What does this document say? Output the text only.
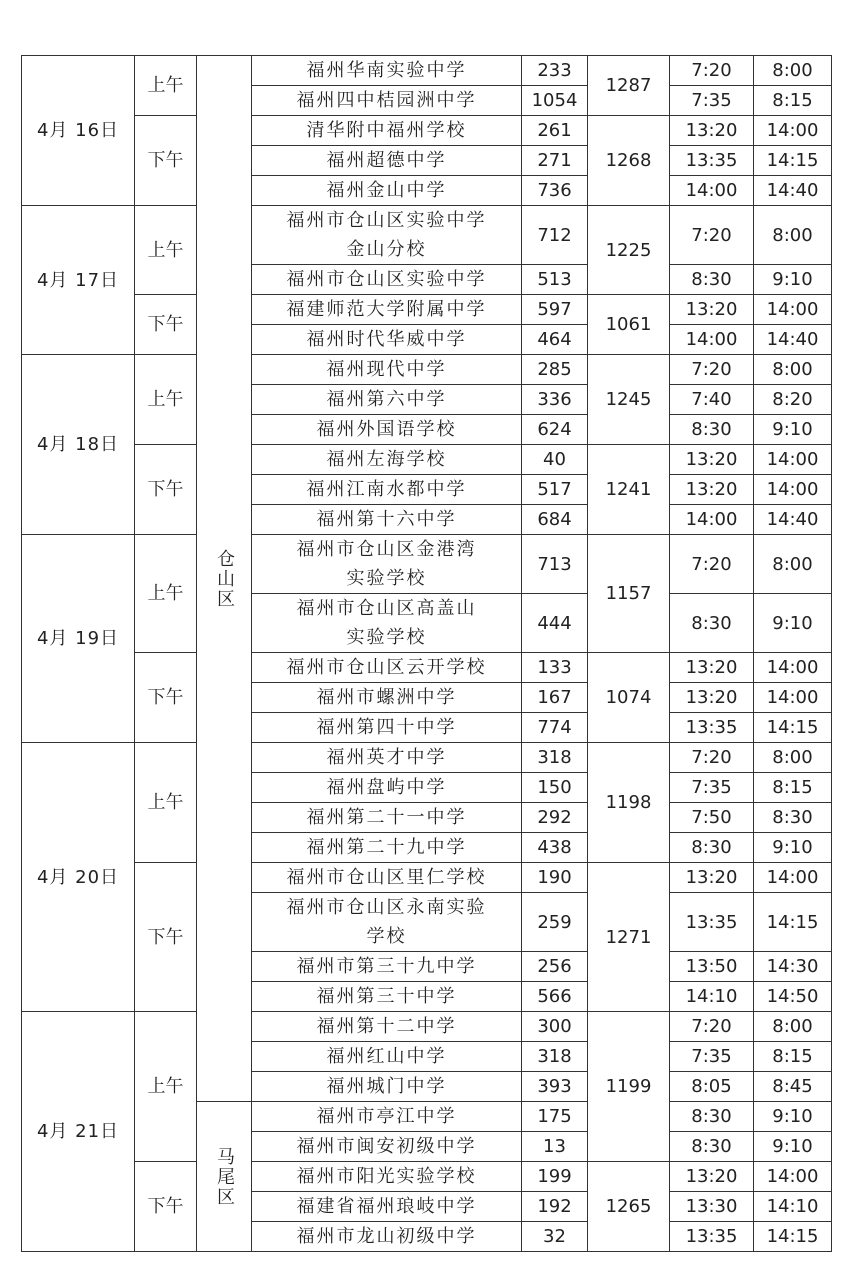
4月 16日	上午	仓山区	福州华南实验中学	233	1287	7:20	8:00
			福州四中桔园洲中学	1054		7:35	8:15
	下午		清华附中福州学校	261	1268	13:20	14:00
			福州超德中学	271		13:35	14:15
			福州金山中学	736		14:00	14:40
4月 17日	上午		福州市仓山区实验中学
金山分校	712	1225	7:20	8:00
			福州市仓山区实验中学	513		8:30	9:10
	下午		福建师范大学附属中学	597	1061	13:20	14:00
			福州时代华威中学	464		14:00	14:40
4月 18日	上午		福州现代中学	285	1245	7:20	8:00
			福州第六中学	336		7:40	8:20
			福州外国语学校	624		8:30	9:10
	下午		福州左海学校	40	1241	13:20	14:00
			福州江南水都中学	517		13:20	14:00
			福州第十六中学	684		14:00	14:40
4月 19日	上午		福州市仓山区金港湾
实验学校	713	1157	7:20	8:00

			福州市仓山区高盖山
实验学校	444		8:30	9:10
	下午		福州市仓山区云开学校	133	1074	13:20	14:00
			福州市螺洲中学	167		13:20	14:00
			福州第四十中学	774		13:35	14:15
4月 20日	上午		福州英才中学	318	1198	7:20	8:00
			福州盘屿中学	150		7:35	8:15
			福州第二十一中学	292		7:50	8:30
			福州第二十九中学	438		8:30	9:10
	下午		福州市仓山区里仁学校	190	1271	13:20	14:00

			福州市仓山区永南实验
学校	259		13:35	14:15
			福州市第三十九中学	256		13:50	14:30
			福州第三十中学	566		14:10	14:50
4月 21日	上午		福州第十二中学	300	1199	7:20	8:00
			福州红山中学	318		7:35	8:15
			福州城门中学	393		8:05	8:45
		马尾区	福州市亭江中学	175		8:30	9:10
			福州市闽安初级中学	13		8:30	9:10
	下午		福州市阳光实验学校	199	1265	13:20	14:00
			福建省福州琅岐中学	192		13:30	14:10
			福州市龙山初级中学	32		13:35	14:15
